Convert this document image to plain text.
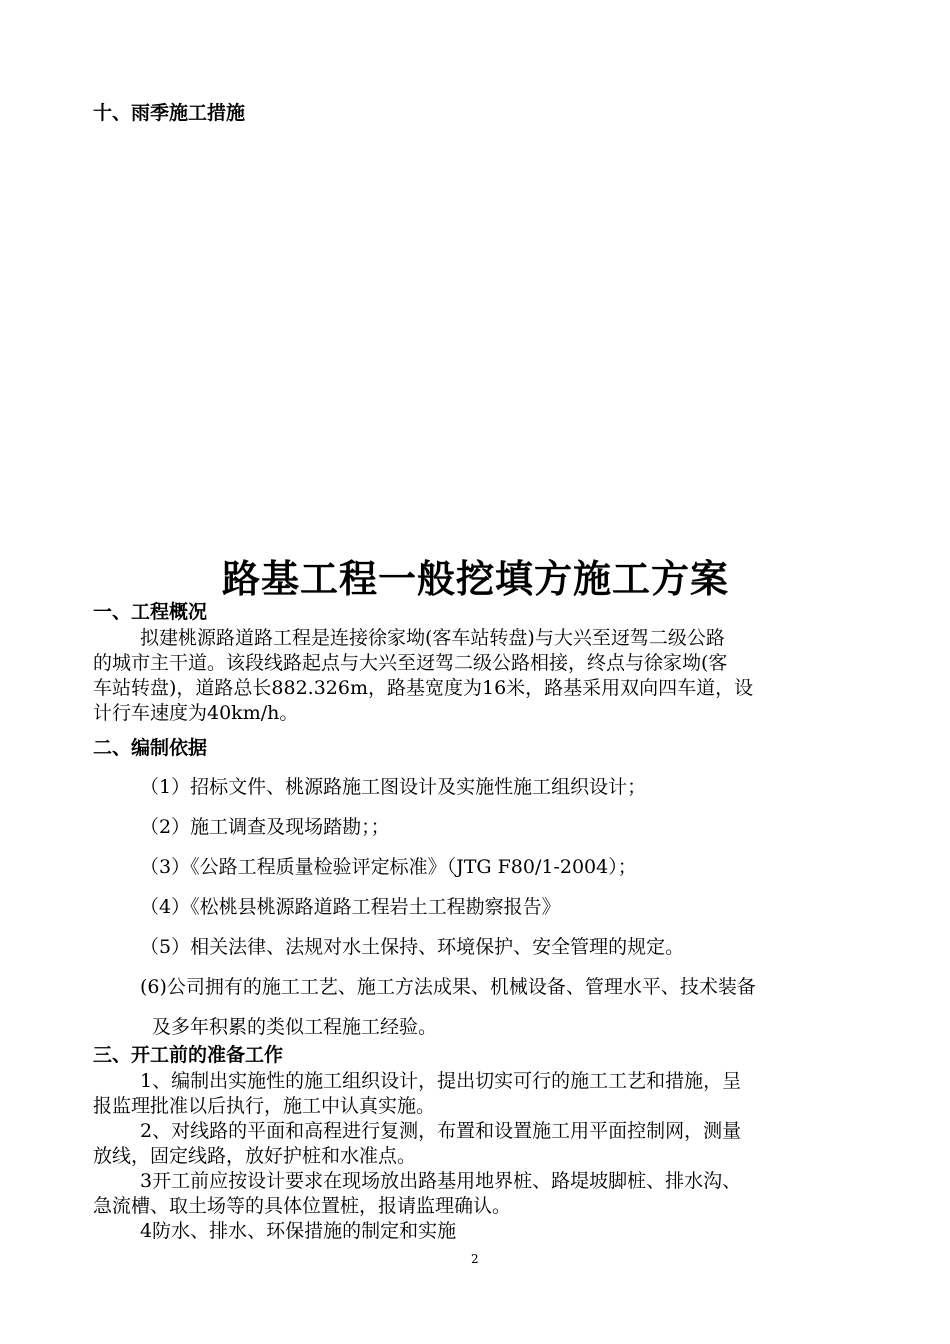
十、雨季施工措施
路基工程一般挖填方施工方案
一、工程概况
拟建桃源路道路工程是连接徐家坳(客车站转盘)与大兴至迓驾二级公路
的城市主干道。该段线路起点与大兴至迓驾二级公路相接，终点与徐家坳(客
车站转盘)，道路总长882.326m，路基宽度为16米，路基采用双向四车道，设
计行车速度为40km/h。
二、编制依据
（1）招标文件、桃源路施工图设计及实施性施工组织设计；
（2）施工调查及现场踏勘；；
（3）《公路工程质量检验评定标准》（JTG F80/1-2004）；
（4）《松桃县桃源路道路工程岩土工程勘察报告》
（5）相关法律、法规对水土保持、环境保护、安全管理的规定。
(6)公司拥有的施工工艺、施工方法成果、机械设备、管理水平、技术装备
及多年积累的类似工程施工经验。
三、开工前的准备工作
1、编制出实施性的施工组织设计，提出切实可行的施工工艺和措施，呈
报监理批准以后执行，施工中认真实施。
2、对线路的平面和高程进行复测，布置和设置施工用平面控制网，测量
放线，固定线路，放好护桩和水准点。
3开工前应按设计要求在现场放出路基用地界桩、路堤坡脚桩、排水沟、
急流槽、取土场等的具体位置桩，报请监理确认。
4防水、排水、环保措施的制定和实施
2
